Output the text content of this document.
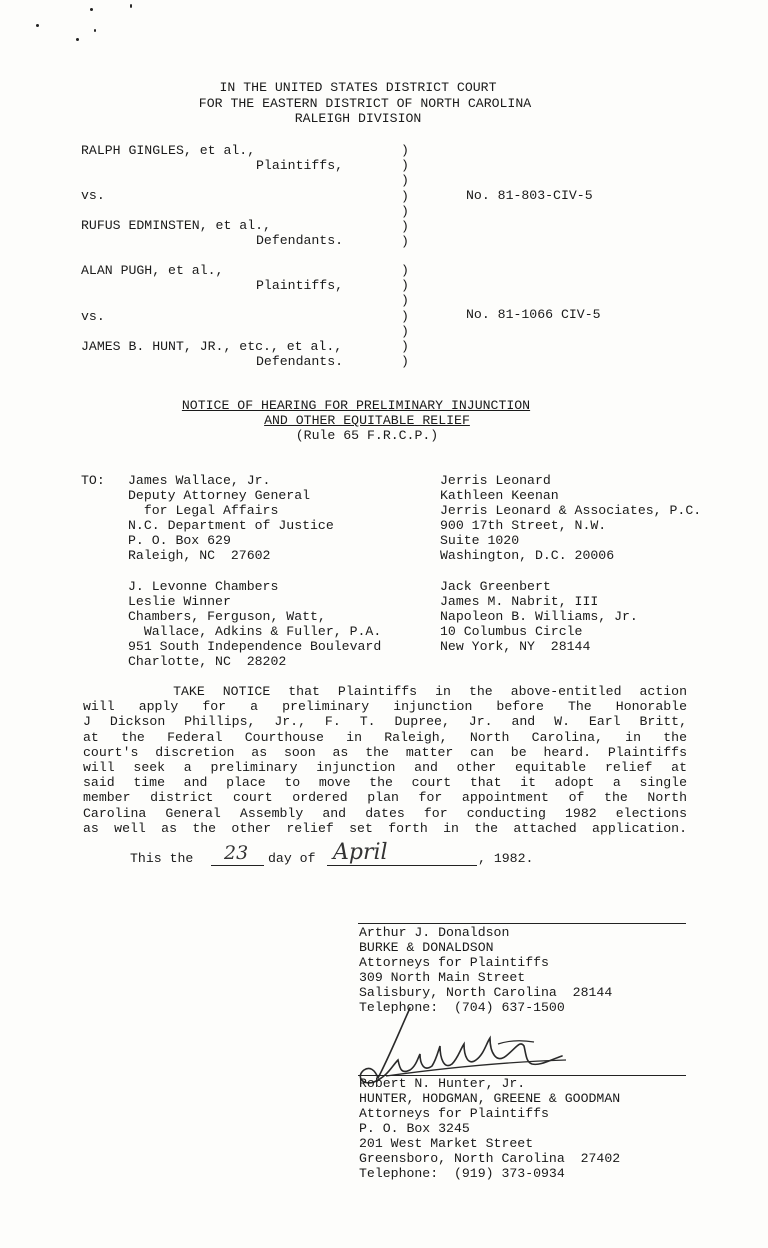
IN THE UNITED STATES DISTRICT COURT
FOR THE EASTERN DISTRICT OF NORTH CAROLINA
RALEIGH DIVISION
RALPH GINGLES, et al.,
Plaintiffs,
vs.
RUFUS EDMINSTEN, et al.,
Defendants.
No. 81-803-CIV-5
)
)
)
)
)
)
)
ALAN PUGH, et al.,
Plaintiffs,
vs.
JAMES B. HUNT, JR., etc., et al.,
Defendants.
No. 81-1066 CIV-5
)
)
)
)
)
)
)
NOTICE OF HEARING FOR PRELIMINARY INJUNCTION
AND OTHER EQUITABLE RELIEF
(Rule 65 F.R.C.P.)
TO: James Wallace, Jr.
Deputy Attorney General
for Legal Affairs
N.C. Department of Justice
P. O. Box 629
Raleigh, NC  27602
Jerris Leonard
Kathleen Keenan
Jerris Leonard & Associates, P.C.
900 17th Street, N.W.
Suite 1020
Washington, D.C. 20006
J. Levonne Chambers
Leslie Winner
Chambers, Ferguson, Watt,
Wallace, Adkins & Fuller, P.A.
951 South Independence Boulevard
Charlotte, NC  28202
Jack Greenbert
James M. Nabrit, III
Napoleon B. Williams, Jr.
10 Columbus Circle
New York, NY  28144
TAKE NOTICE that Plaintiffs in the above-entitled action
will apply for a preliminary injunction before The Honorable
J Dickson Phillips, Jr., F. T. Dupree, Jr. and W. Earl Britt,
at the Federal Courthouse in Raleigh, North Carolina, in the
court's discretion as soon as the matter can be heard. Plaintiffs
will seek a preliminary injunction and other equitable relief at
said time and place to move the court that it adopt a single
member district court ordered plan for appointment of the North
Carolina General Assembly and dates for conducting 1982 elections
as well as the other relief set forth in the attached application.
This the 23 day of April	, 1982.
Arthur J. Donaldson
BURKE & DONALDSON
Attorneys for Plaintiffs
309 North Main Street
Salisbury, North Carolina  28144
Telephone:  (704) 637-1500
Robert N. Hunter, Jr.
HUNTER, HODGMAN, GREENE & GOODMAN
Attorneys for Plaintiffs
P. O. Box 3245
201 West Market Street
Greensboro, North Carolina  27402
Telephone:  (919) 373-0934
